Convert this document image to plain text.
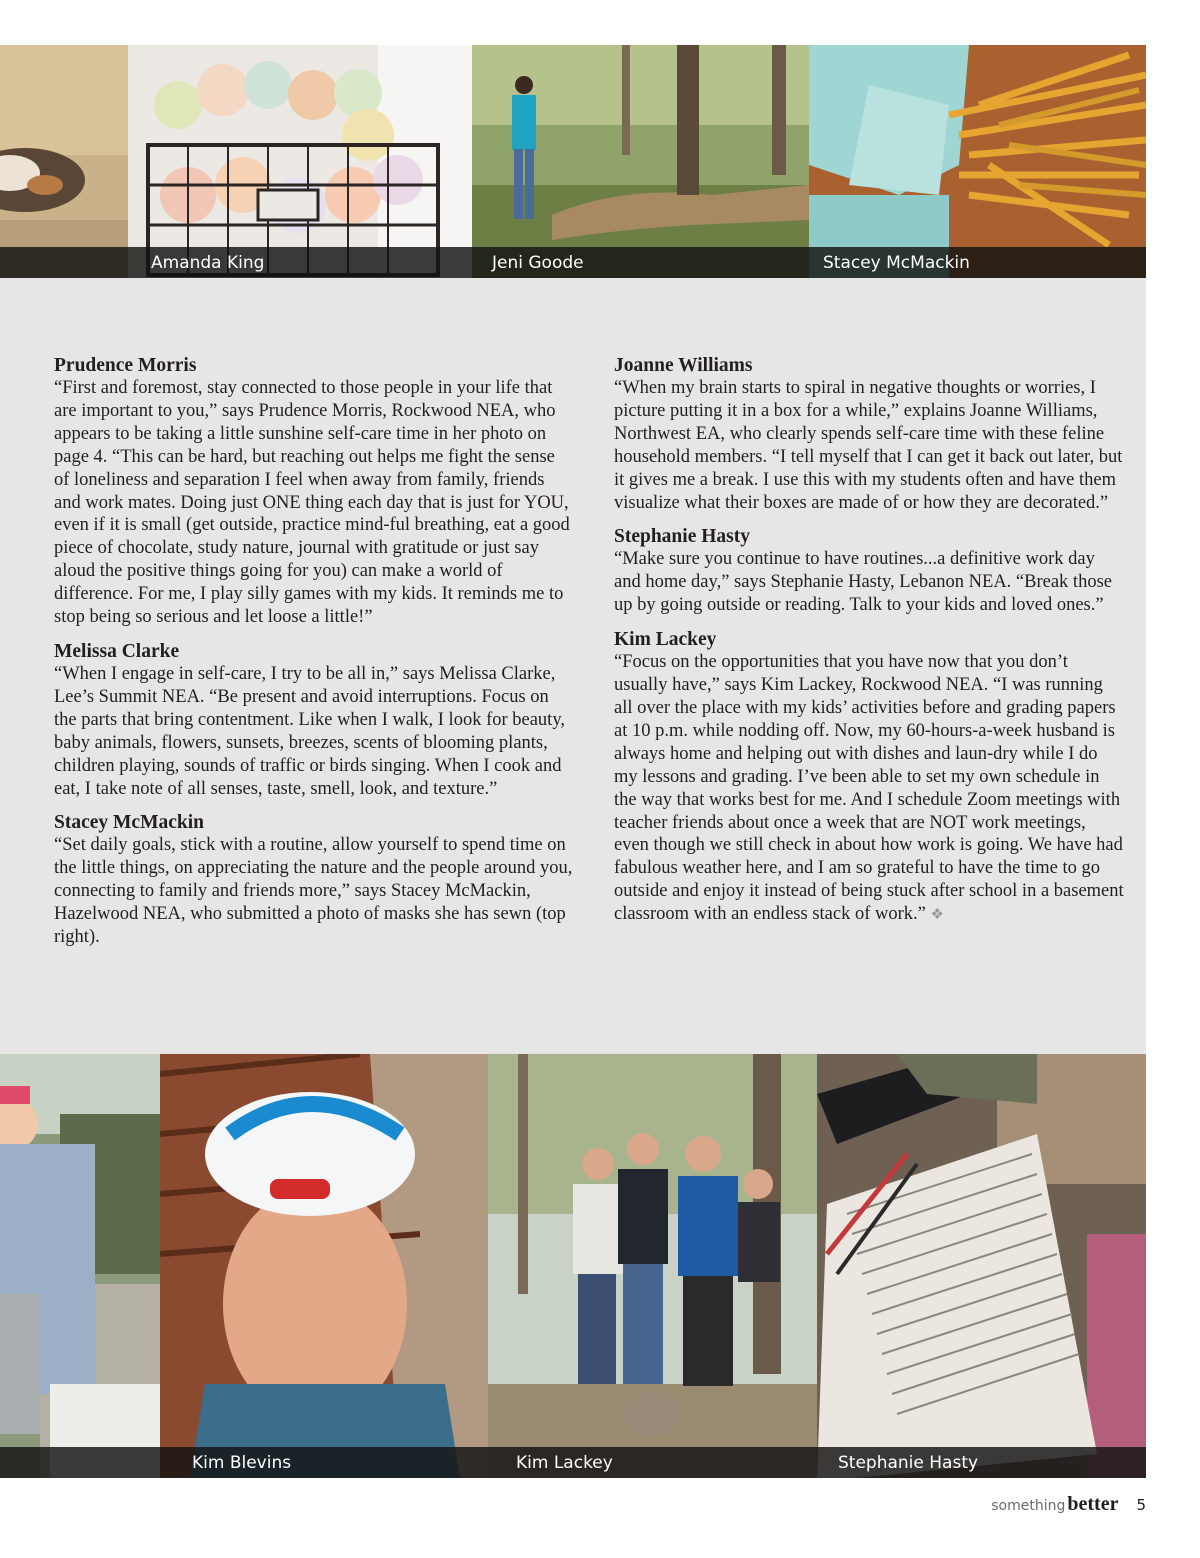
Amanda King	Jeni Goode	Stacey McMackin
Prudence Morris

“First and foremost, stay connected to those people in your life that are important to you,” says Prudence Morris, Rockwood NEA, who appears to be taking a little sunshine self-care time in her photo on page 4. “This can be hard, but reaching out helps me fight the sense of loneliness and separation I feel when away from family, friends and work mates. Doing just ONE thing each day that is just for YOU, even if it is small (get outside, practice mind-ful breathing, eat a good piece of chocolate, study nature, journal with gratitude or just say aloud the positive things going for you) can make a world of difference. For me, I play silly games with my kids. It reminds me to stop being so serious and let loose a little!”

Melissa Clarke

“When I engage in self-care, I try to be all in,” says Melissa Clarke, Lee’s Summit NEA. “Be present and avoid interruptions. Focus on the parts that bring contentment. Like when I walk, I look for beauty, baby animals, flowers, sunsets, breezes, scents of blooming plants, children playing, sounds of traffic or birds singing. When I cook and eat, I take note of all senses, taste, smell, look, and texture.”

Stacey McMackin

“Set daily goals, stick with a routine, allow yourself to spend time on the little things, on appreciating the nature and the people around you, connecting to family and friends more,” says Stacey McMackin, Hazelwood NEA, who submitted a photo of masks she has sewn (top right).

Joanne Williams

“When my brain starts to spiral in negative thoughts or worries, I picture putting it in a box for a while,” explains Joanne Williams, Northwest EA, who clearly spends self-care time with these feline household members. “I tell myself that I can get it back out later, but it gives me a break. I use this with my students often and have them visualize what their boxes are made of or how they are decorated.”

Stephanie Hasty

“Make sure you continue to have routines...a definitive work day and home day,” says Stephanie Hasty, Lebanon NEA. “Break those up by going outside or reading. Talk to your kids and loved ones.”

Kim Lackey

“Focus on the opportunities that you have now that you don’t usually have,” says Kim Lackey, Rockwood NEA. “I was running all over the place with my kids’ activities before and grading papers at 10 p.m. while nodding off. Now, my 60-hours-a-week husband is always home and helping out with dishes and laun-dry while I do my lessons and grading. I’ve been able to set my own schedule in the way that works best for me. And I schedule Zoom meetings with teacher friends about once a week that are NOT work meetings, even though we still check in about how work is going. We have had fabulous weather here, and I am so grateful to have the time to go outside and enjoy it instead of being stuck after school in a basement classroom with an endless stack of work.” ❖

Kim Blevins	Kim Lackey	Stephanie Hasty
something better 5
